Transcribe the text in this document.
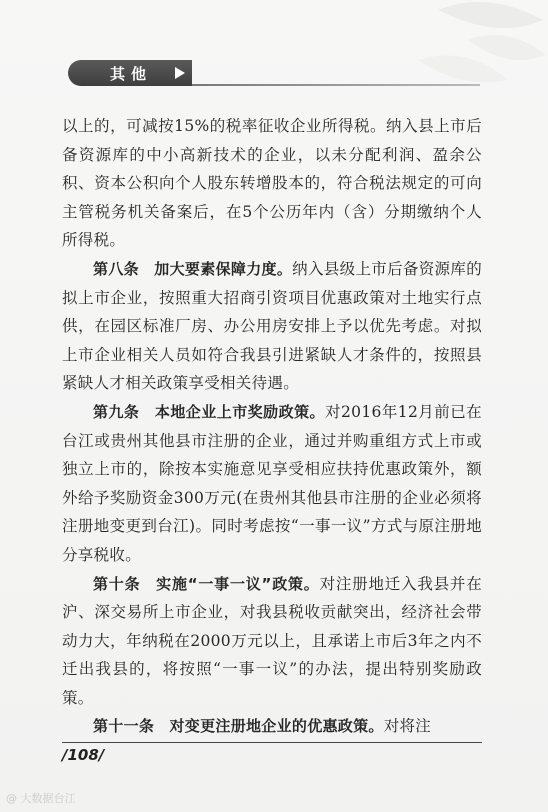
其他

以上的，可减按15%的税率征收企业所得税。纳入县上市后备资源库的中小高新技术的企业，以未分配利润、盈余公积、资本公积向个人股东转增股本的，符合税法规定的可向主管税务机关备案后，在5个公历年内（含）分期缴纳个人所得税。

第八条　加大要素保障力度。纳入县级上市后备资源库的拟上市企业，按照重大招商引资项目优惠政策对土地实行点供，在园区标准厂房、办公用房安排上予以优先考虑。对拟上市企业相关人员如符合我县引进紧缺人才条件的，按照县紧缺人才相关政策享受相关待遇。

第九条　本地企业上市奖励政策。对2016年12月前已在台江或贵州其他县市注册的企业，通过并购重组方式上市或独立上市的，除按本实施意见享受相应扶持优惠政策外，额外给予奖励资金300万元(在贵州其他县市注册的企业必须将注册地变更到台江)。同时考虑按“一事一议”方式与原注册地分享税收。

第十条　实施“一事一议”政策。对注册地迁入我县并在沪、深交易所上市企业，对我县税收贡献突出，经济社会带动力大，年纳税在2000万元以上，且承诺上市后3年之内不迁出我县的，将按照“一事一议”的办法，提出特别奖励政策。

第十一条　对变更注册地企业的优惠政策。对将注

/108/
@ 大数据台江
